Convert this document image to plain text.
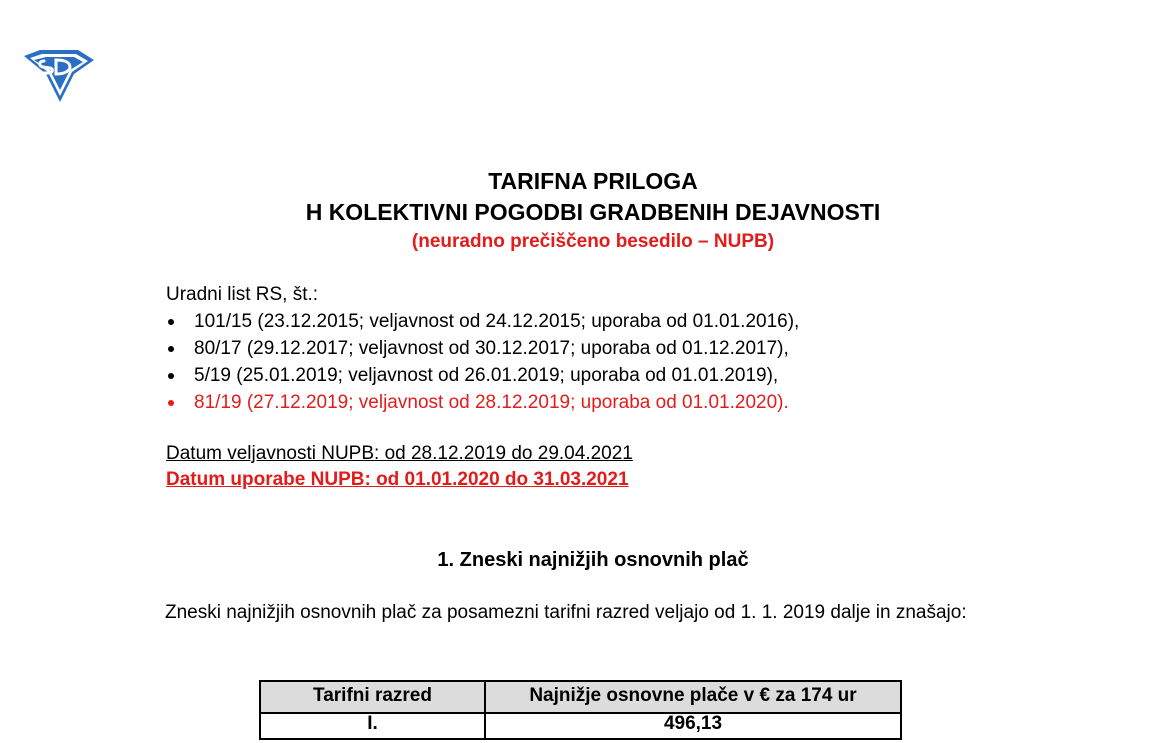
TARIFNA PRILOGA
H KOLEKTIVNI POGODBI GRADBENIH DEJAVNOSTI
(neuradno prečiščeno besedilo – NUPB)
Uradni list RS, št.:
101/15 (23.12.2015; veljavnost od 24.12.2015; uporaba od 01.01.2016),
80/17 (29.12.2017; veljavnost od 30.12.2017; uporaba od 01.12.2017),
5/19 (25.01.2019; veljavnost od 26.01.2019; uporaba od 01.01.2019),
81/19 (27.12.2019; veljavnost od 28.12.2019; uporaba od 01.01.2020).
Datum veljavnosti NUPB: od 28.12.2019 do 29.04.2021
Datum uporabe NUPB: od 01.01.2020 do 31.03.2021
1. Zneski najnižjih osnovnih plač
Zneski najnižjih osnovnih plač za posamezni tarifni razred veljajo od 1. 1. 2019 dalje in znašajo:
Tarifni razred	Najnižje osnovne plače v € za 174 ur
I.	496,13
